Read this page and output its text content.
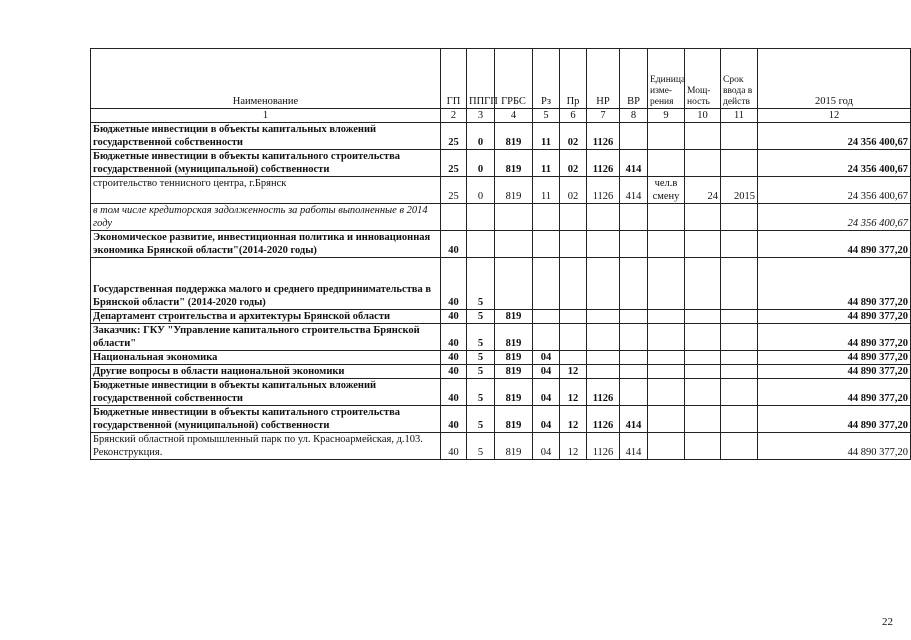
Наименование	ГП	ППГП	ГРБС	Рз	Пр	НР	ВР	Единица изме-рения	Мощ-ность	Срок ввода в действ	2015 год
1	2	3	4	5	6	7	8	9	10	11	12
Бюджетные инвестиции в объекты капитальных вложений государственной собственности	25	0	819	11	02	1126					24 356 400,67
Бюджетные инвестиции в объекты капитального строительства государственной (муниципальной) собственности	25	0	819	11	02	1126	414				24 356 400,67
строительство теннисного центра, г.Брянск	25	0	819	11	02	1126	414	чел.в смену	24	2015	24 356 400,67
в том числе кредиторская задолженность за работы выполненные в 2014 году											24 356 400,67
Экономическое развитие, инвестиционная политика и инновационная экономика Брянской области"(2014-2020 годы)	40										44 890 377,20
Государственная поддержка малого и среднего предпринимательства в Брянской области" (2014-2020 годы)	40	5									44 890 377,20
Департамент строительства и архитектуры Брянской области	40	5	819								44 890 377,20
Заказчик: ГКУ "Управление капитального строительства Брянской области"	40	5	819								44 890 377,20
Национальная экономика	40	5	819	04							44 890 377,20
Другие вопросы в области национальной экономики	40	5	819	04	12						44 890 377,20
Бюджетные инвестиции в объекты капитальных вложений государственной собственности	40	5	819	04	12	1126					44 890 377,20
Бюджетные инвестиции в объекты капитального строительства государственной (муниципальной) собственности	40	5	819	04	12	1126	414				44 890 377,20
Брянский областной промышленный парк по ул. Красноармейская, д.103. Реконструкция.	40	5	819	04	12	1126	414				44 890 377,20
22
